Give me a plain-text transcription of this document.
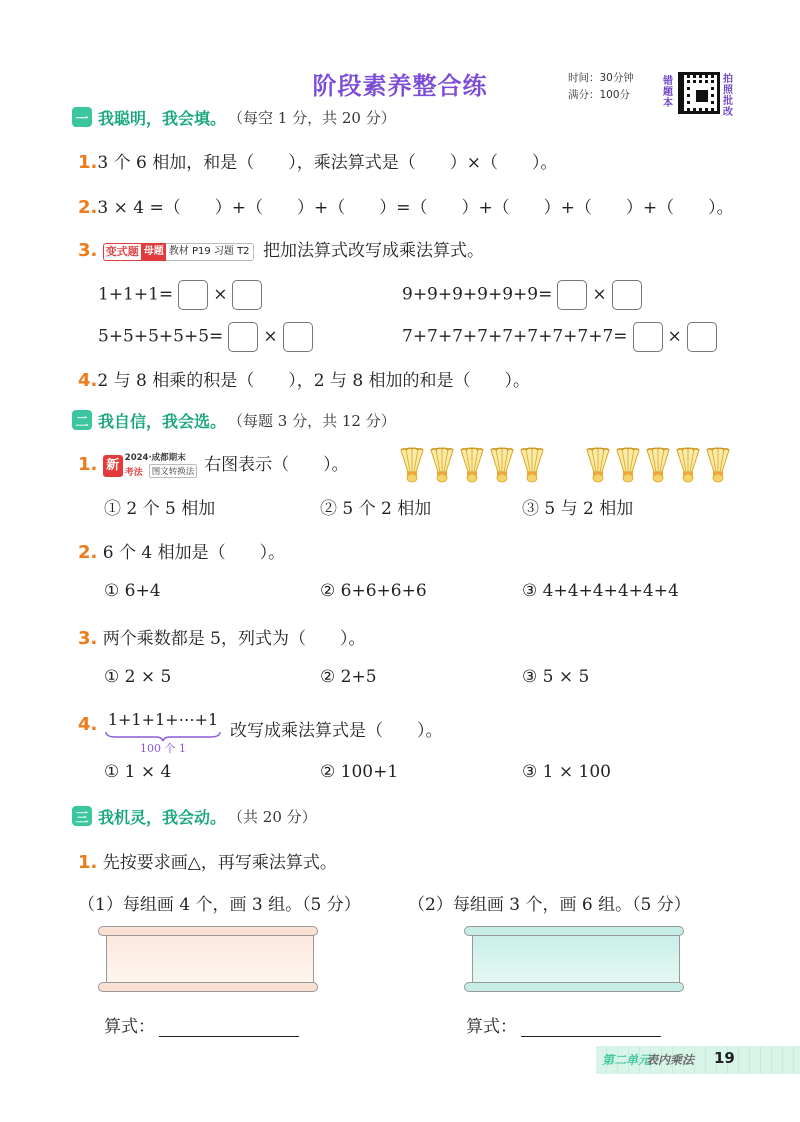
阶段素养整合练	时间：30分钟
满分：100分
错题本
拍照批改
一 我聪明，我会填。 （每空 1 分，共 20 分）
1.3 个 6 相加，和是（　　），乘法算式是（　　）×（　　）。
2.3 × 4 =（　　）+（　　）+（　　）=（　　）+（　　）+（　　）+（　　）。
3. 变式题 母题 教材 P19 习题 T2 把加法算式改写成乘法算式。
1+1+1= ×	9+9+9+9+9+9= ×
5+5+5+5+5= ×	7+7+7+7+7+7+7+7+7= ×
4.2 与 8 相乘的积是（　　），2 与 8 相加的和是（　　）。
二 我自信，我会选。 （每题 3 分，共 12 分）
1. 新 2024·成都期末
考法	图文转换法 右图表示（　　）。
① 2 个 5 相加	② 5 个 2 相加	③ 5 与 2 相加
2. 6 个 4 相加是（　　）。
① 6+4	② 6+6+6+6	③ 4+4+4+4+4+4
3. 两个乘数都是 5，列式为（　　）。
① 2 × 5	② 2+5	③ 5 × 5
4. 1+1+1+⋯+1
100 个 1
改写成乘法算式是（　　）。
① 1 × 4	② 100+1	③ 1 × 100
三 我机灵，我会动。 （共 20 分）
1. 先按要求画△，再写乘法算式。
（1）每组画 4 个，画 3 组。（5 分）	（2）每组画 3 个，画 6 组。（5 分）
算式：	算式：
第二单元
表内乘法 19
